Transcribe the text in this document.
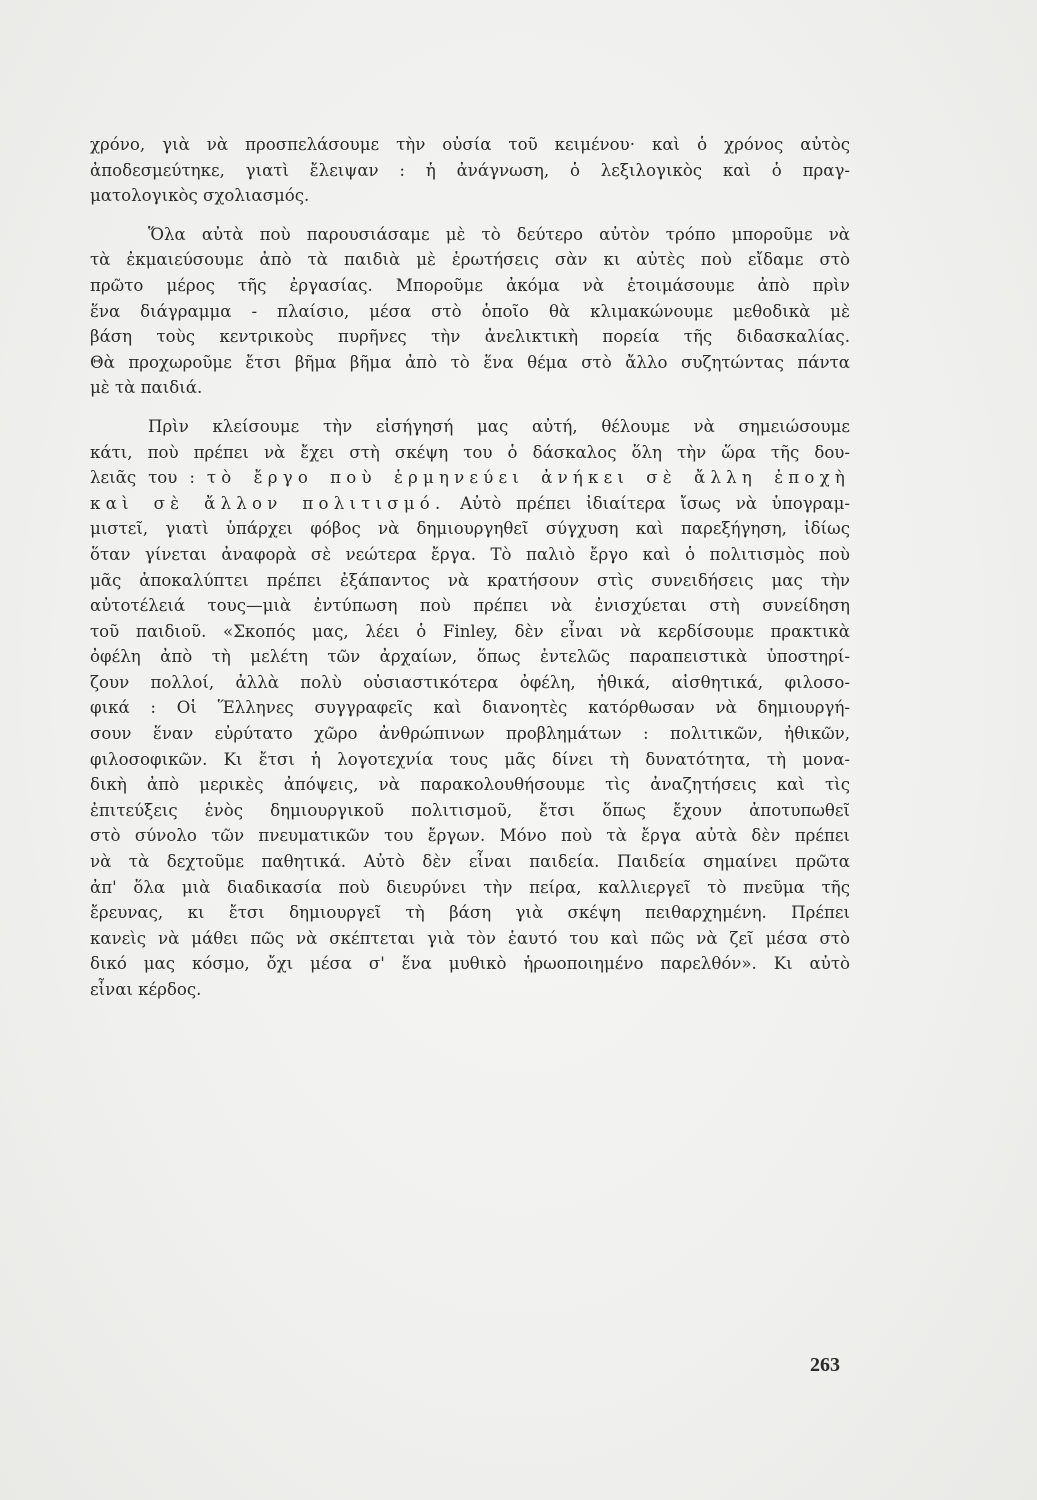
χρόνο, γιὰ νὰ προσπελάσουμε τὴν οὐσία τοῦ κειμένου· καὶ ὁ χρόνος αὐτὸς
ἀποδεσμεύτηκε, γιατὶ ἔλειψαν : ἡ ἀνάγνωση, ὁ λεξιλογικὸς καὶ ὁ πραγ-
ματολογικὸς σχολιασμός.
Ὅλα αὐτὰ ποὺ παρουσιάσαμε μὲ τὸ δεύτερο αὐτὸν τρόπο μποροῦμε νὰ
τὰ ἐκμαιεύσουμε ἀπὸ τὰ παιδιὰ μὲ ἐρωτήσεις σὰν κι αὐτὲς ποὺ εἴδαμε στὸ
πρῶτο μέρος τῆς ἐργασίας. Μποροῦμε ἀκόμα νὰ ἑτοιμάσουμε ἀπὸ πρὶν
ἕνα διάγραμμα - πλαίσιο, μέσα στὸ ὁποῖο θὰ κλιμακώνουμε μεθοδικὰ μὲ
βάση τοὺς κεντρικοὺς πυρῆνες τὴν ἀνελικτικὴ πορεία τῆς διδασκαλίας.
Θὰ προχωροῦμε ἔτσι βῆμα βῆμα ἀπὸ τὸ ἕνα θέμα στὸ ἄλλο συζητώντας πάντα
μὲ τὰ παιδιά.
Πρὶν κλείσουμε τὴν εἰσήγησή μας αὐτή, θέλουμε νὰ σημειώσουμε
κάτι, ποὺ πρέπει νὰ ἔχει στὴ σκέψη του ὁ δάσκαλος ὅλη τὴν ὥρα τῆς δου-
λειᾶς του : τὸ ἔργο ποὺ ἑρμηνεύει ἀνήκει σὲ ἄλλη ἐποχὴ
καὶ σὲ ἄλλον πολιτισμό. Αὐτὸ πρέπει ἰδιαίτερα ἴσως νὰ ὑπογραμ-
μιστεῖ, γιατὶ ὑπάρχει φόβος νὰ δημιουργηθεῖ σύγχυση καὶ παρεξήγηση, ἰδίως
ὅταν γίνεται ἀναφορὰ σὲ νεώτερα ἔργα. Τὸ παλιὸ ἔργο καὶ ὁ πολιτισμὸς ποὺ
μᾶς ἀποκαλύπτει πρέπει ἐξάπαντος νὰ κρατήσουν στὶς συνειδήσεις μας τὴν
αὐτοτέλειά τους—μιὰ ἐντύπωση ποὺ πρέπει νὰ ἐνισχύεται στὴ συνείδηση
τοῦ παιδιοῦ. «Σκοπός μας, λέει ὁ Finley, δὲν εἶναι νὰ κερδίσουμε πρακτικὰ
ὀφέλη ἀπὸ τὴ μελέτη τῶν ἀρχαίων, ὅπως ἐντελῶς παραπειστικὰ ὑποστηρί-
ζουν πολλοί, ἀλλὰ πολὺ οὐσιαστικότερα ὀφέλη, ἠθικά, αἰσθητικά, φιλοσο-
φικά : Οἱ Ἕλληνες συγγραφεῖς καὶ διανοητὲς κατόρθωσαν νὰ δημιουργή-
σουν ἕναν εὐρύτατο χῶρο ἀνθρώπινων προβλημάτων : πολιτικῶν, ἠθικῶν,
φιλοσοφικῶν. Κι ἔτσι ἡ λογοτεχνία τους μᾶς δίνει τὴ δυνατότητα, τὴ μονα-
δικὴ ἀπὸ μερικὲς ἀπόψεις, νὰ παρακολουθήσουμε τὶς ἀναζητήσεις καὶ τὶς
ἐπιτεύξεις ἑνὸς δημιουργικοῦ πολιτισμοῦ, ἔτσι ὅπως ἔχουν ἀποτυπωθεῖ
στὸ σύνολο τῶν πνευματικῶν του ἔργων. Μόνο ποὺ τὰ ἔργα αὐτὰ δὲν πρέπει
νὰ τὰ δεχτοῦμε παθητικά. Αὐτὸ δὲν εἶναι παιδεία. Παιδεία σημαίνει πρῶτα
ἀπ' ὅλα μιὰ διαδικασία ποὺ διευρύνει τὴν πείρα, καλλιεργεῖ τὸ πνεῦμα τῆς
ἔρευνας, κι ἔτσι δημιουργεῖ τὴ βάση γιὰ σκέψη πειθαρχημένη. Πρέπει
κανεὶς νὰ μάθει πῶς νὰ σκέπτεται γιὰ τὸν ἑαυτό του καὶ πῶς νὰ ζεῖ μέσα στὸ
δικό μας κόσμο, ὄχι μέσα σ' ἕνα μυθικὸ ἡρωοποιημένο παρελθόν». Κι αὐτὸ
εἶναι κέρδος.
263
